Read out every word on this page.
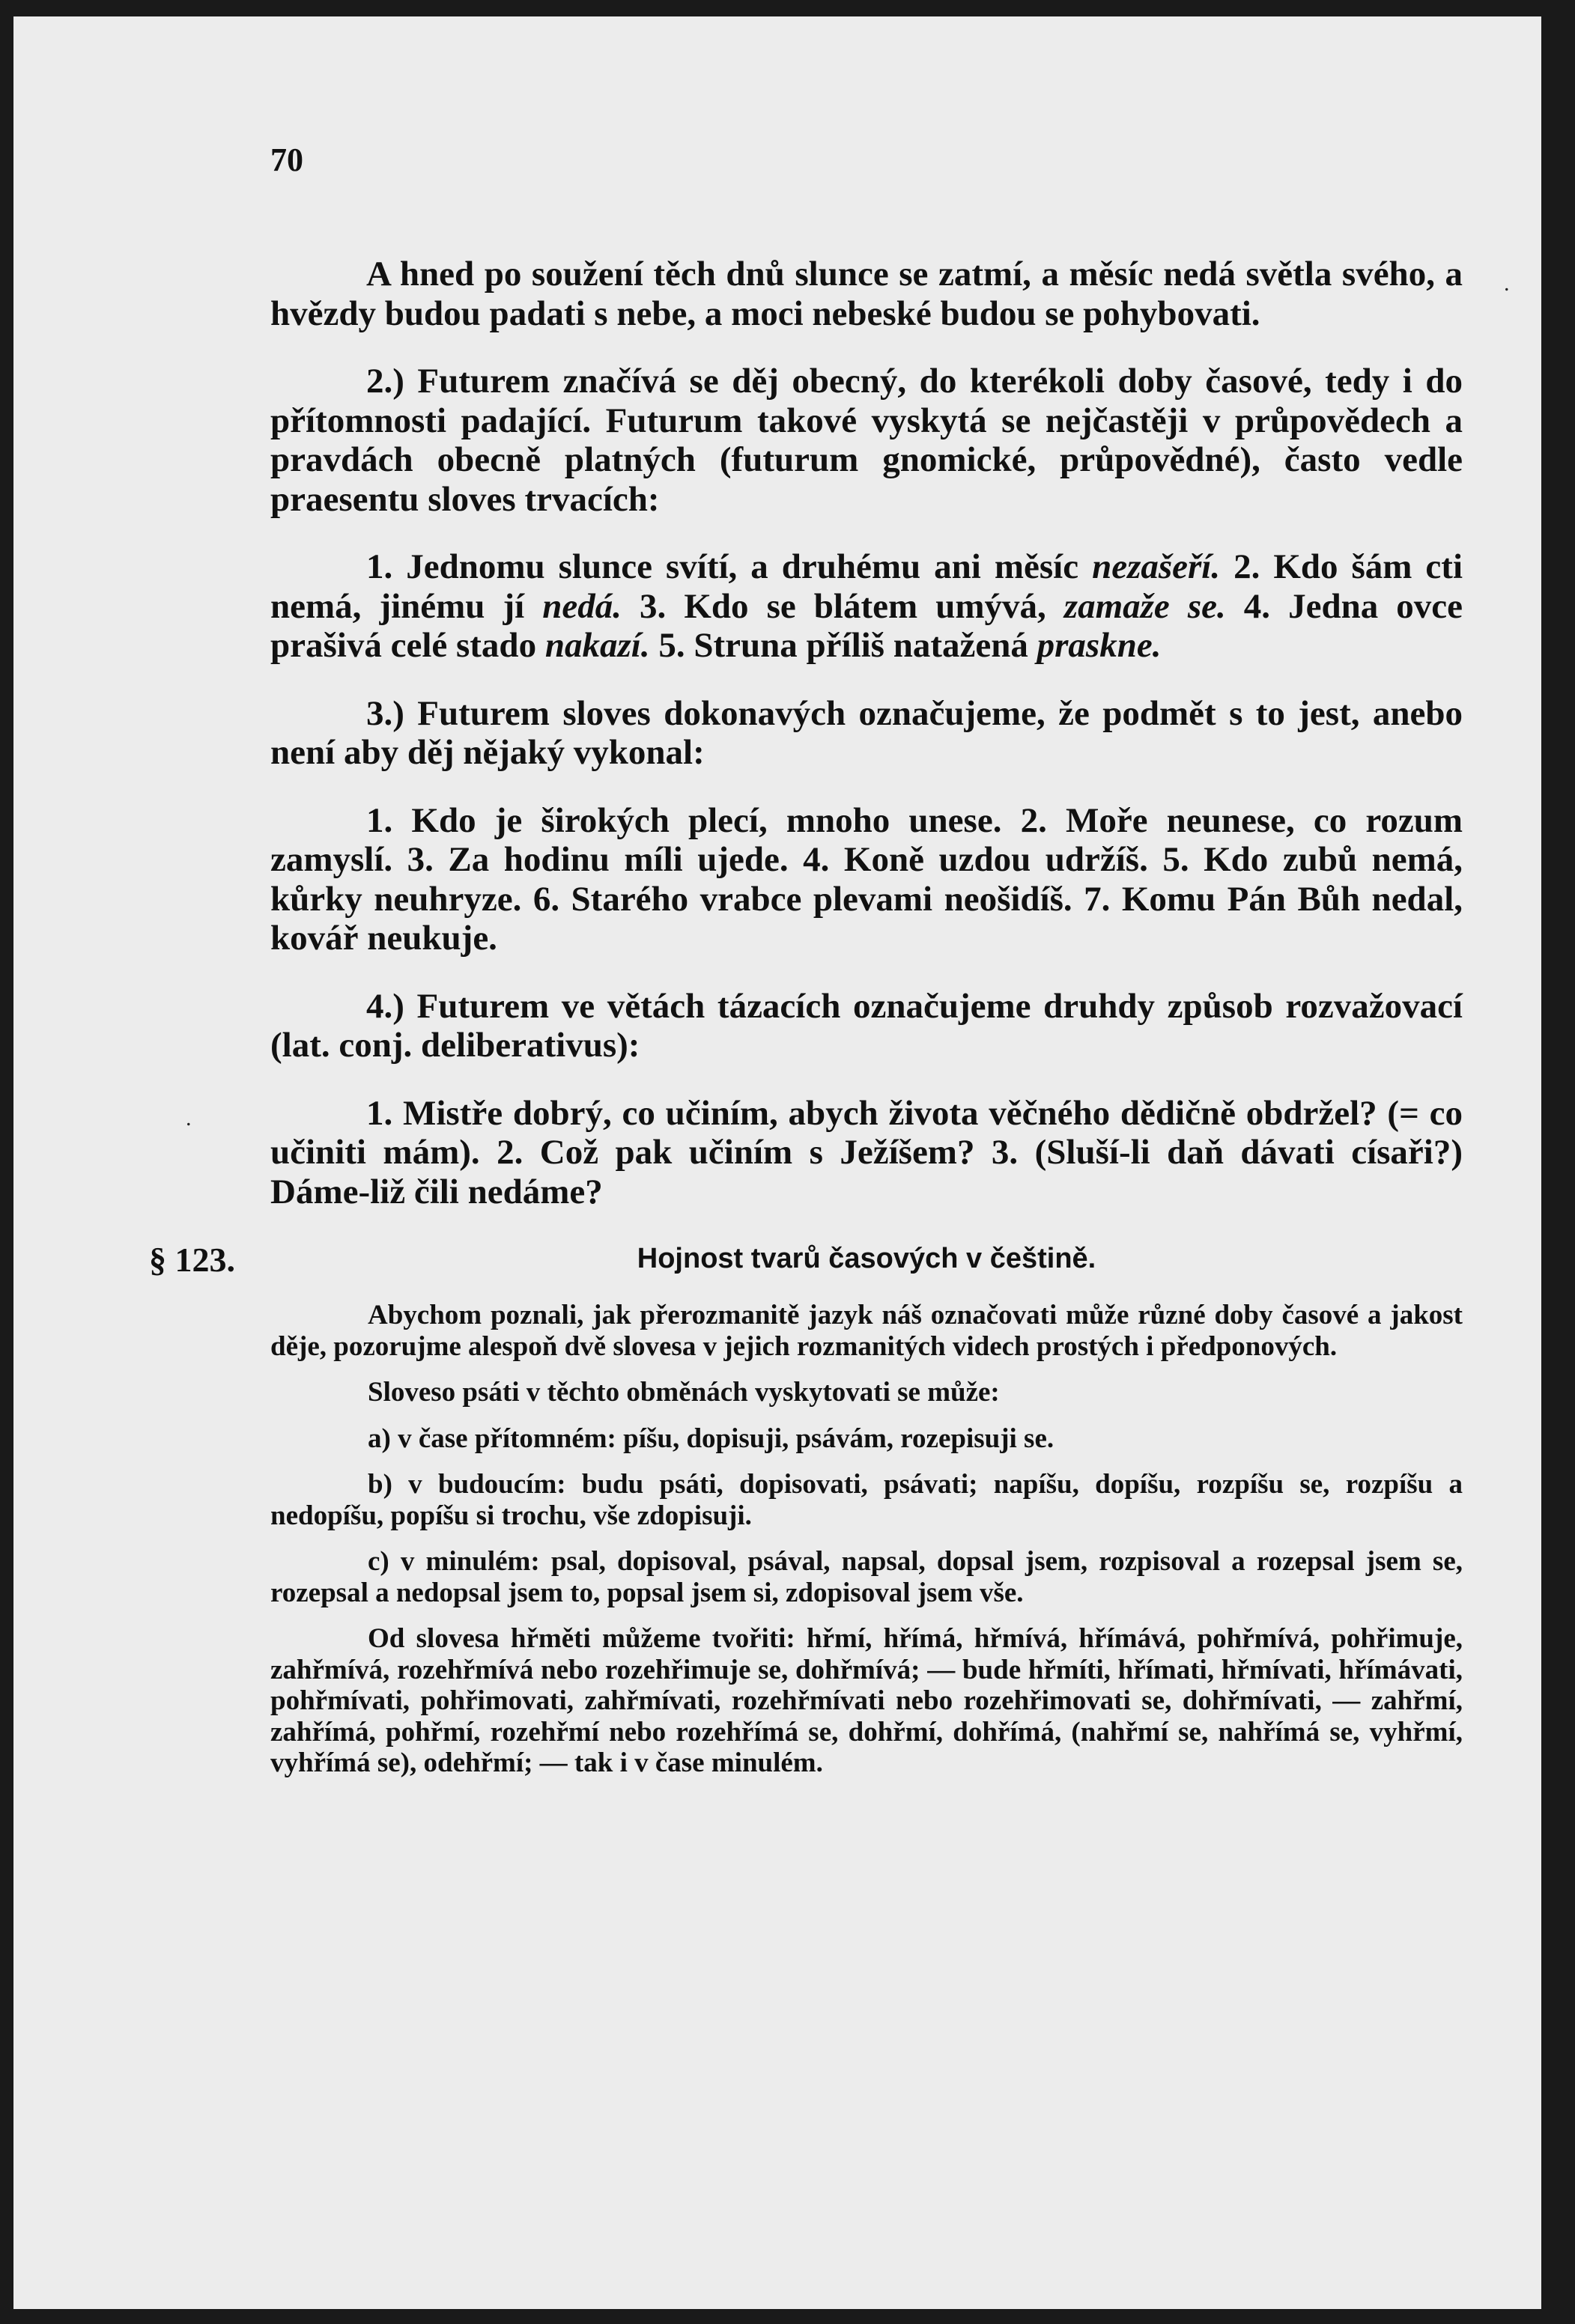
.
.
70

A hned po soužení těch dnů slunce se zatmí, a měsíc nedá světla svého, a hvězdy budou padati s nebe, a moci nebeské budou se pohybovati.

2.) Futurem značívá se děj obecný, do kterékoli doby časové, tedy i do přítomnosti padající. Futurum takové vyskytá se nejčastěji v průpovědech a pravdách obecně platných (futurum gnomické, průpovědné), často vedle praesentu sloves trvacích:

1. Jednomu slunce svítí, a druhému ani měsíc nezašeří. 2. Kdo šám cti nemá, jinému jí nedá. 3. Kdo se blátem umývá, zamaže se. 4. Jedna ovce prašivá celé stado nakazí. 5. Struna příliš natažená praskne.

3.) Futurem sloves dokonavých označujeme, že podmět s to jest, anebo není aby děj nějaký vykonal:

1. Kdo je širokých plecí, mnoho unese. 2. Moře neunese, co rozum zamyslí. 3. Za hodinu míli ujede. 4. Koně uzdou udržíš. 5. Kdo zubů nemá, kůrky neuhryze. 6. Starého vrabce plevami neošidíš. 7. Komu Pán Bůh nedal, kovář neukuje.

4.) Futurem ve větách tázacích označujeme druhdy způsob rozvažovací (lat. conj. deliberativus):

1. Mistře dobrý, co učiním, abych života věčného dědičně obdržel? (= co učiniti mám). 2. Což pak učiním s Ježíšem? 3. (Sluší-li daň dávati císaři?) Dáme-liž čili nedáme?

§ 123.	Hojnost tvarů časových v češtině.

Abychom poznali, jak přerozmanitě jazyk náš označovati může různé doby časové a jakost děje, pozorujme alespoň dvě slovesa v jejich rozmanitých videch prostých i předponových.

Sloveso psáti v těchto obměnách vyskytovati se může:

a) v čase přítomném: píšu, dopisuji, psávám, rozepisuji se.

b) v budoucím: budu psáti, dopisovati, psávati; napíšu, dopíšu, rozpíšu se, rozpíšu a nedopíšu, popíšu si trochu, vše zdopisuji.

c) v minulém: psal, dopisoval, psával, napsal, dopsal jsem, rozpisoval a rozepsal jsem se, rozepsal a nedopsal jsem to, popsal jsem si, zdopisoval jsem vše.

Od slovesa hřměti můžeme tvořiti: hřmí, hřímá, hřmívá, hřímává, pohřmívá, pohřimuje, zahřmívá, rozehřmívá nebo rozehřimuje se, dohřmívá; — bude hřmíti, hřímati, hřmívati, hřímávati, pohřmívati, pohřimovati, zahřmívati, rozehřmívati nebo rozehřimovati se, dohřmívati, — zahřmí, zahřímá, pohřmí, rozehřmí nebo rozehřímá se, dohřmí, dohřímá, (nahřmí se, nahřímá se, vyhřmí, vyhřímá se), odehřmí; — tak i v čase minulém.
